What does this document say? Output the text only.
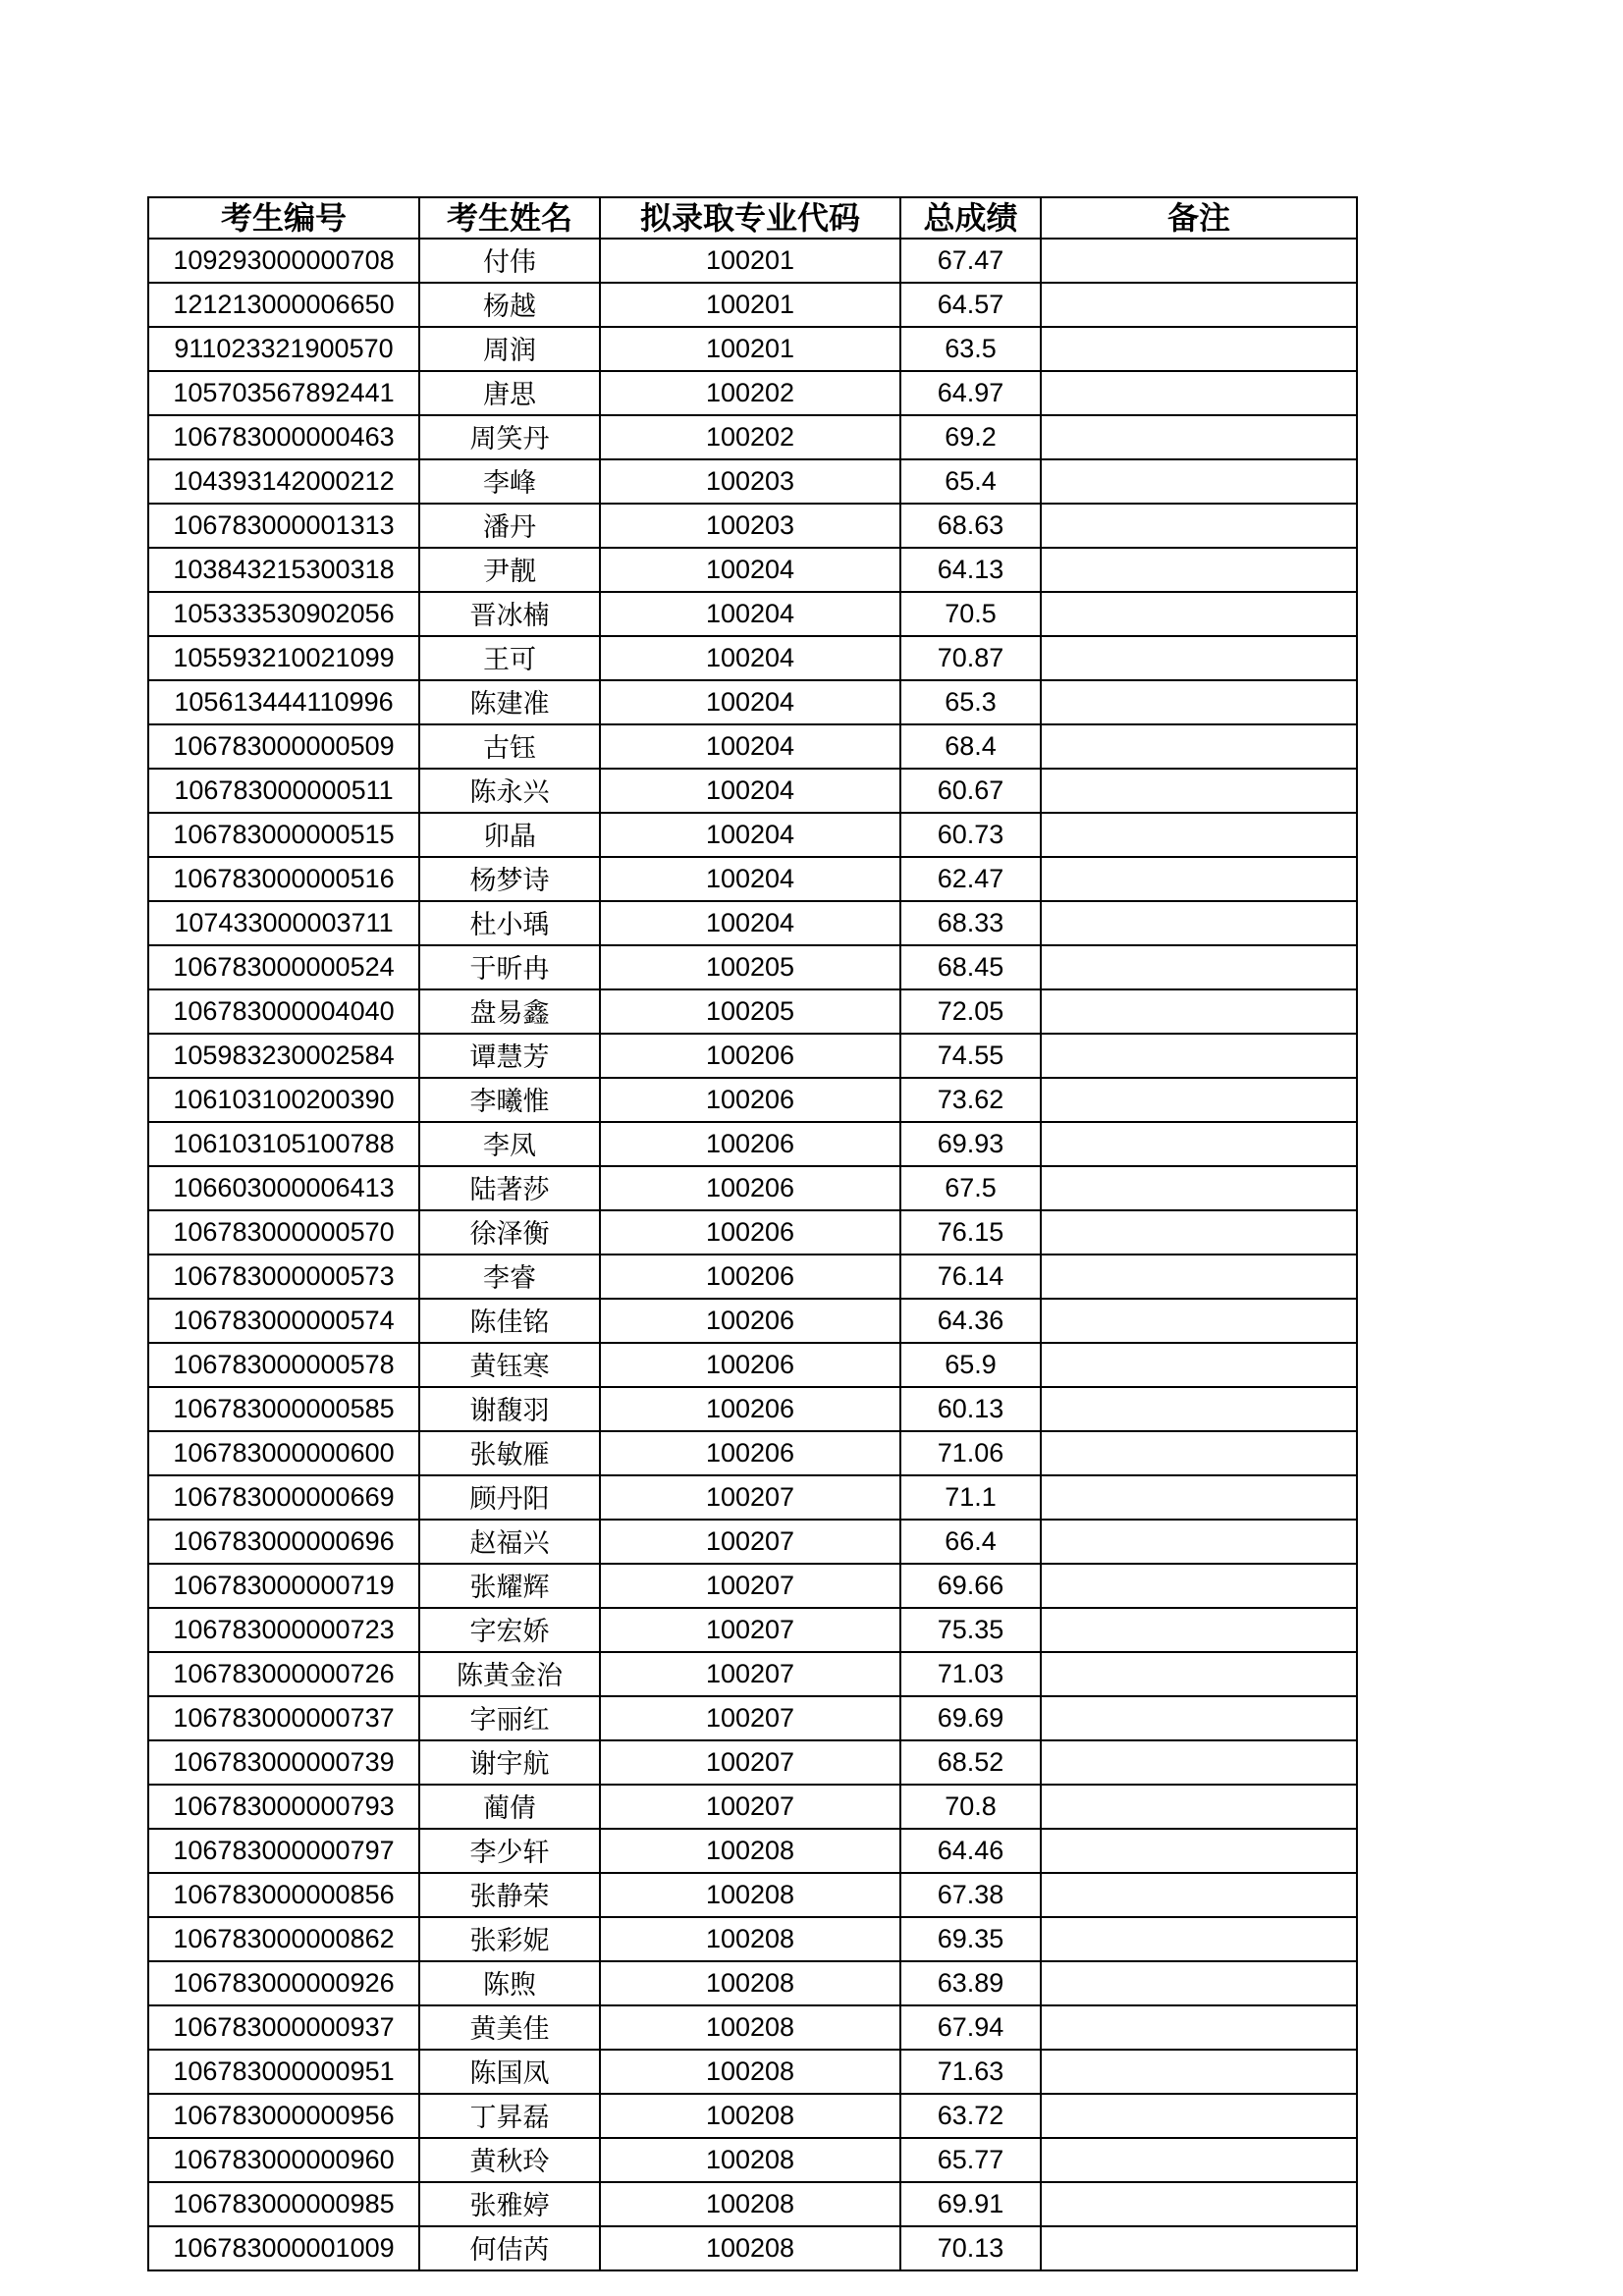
考生编号	考生姓名	拟录取专业代码	总成绩	备注
109293000000708	付伟	100201	67.47	
121213000006650	杨越	100201	64.57	
911023321900570	周润	100201	63.5	
105703567892441	唐思	100202	64.97	
106783000000463	周笑丹	100202	69.2	
104393142000212	李峰	100203	65.4	
106783000001313	潘丹	100203	68.63	
103843215300318	尹靓	100204	64.13	
105333530902056	晋冰楠	100204	70.5	
105593210021099	王可	100204	70.87	
105613444110996	陈建准	100204	65.3	
106783000000509	古钰	100204	68.4	
106783000000511	陈永兴	100204	60.67	
106783000000515	卯晶	100204	60.73	
106783000000516	杨梦诗	100204	62.47	
107433000003711	杜小瑀	100204	68.33	
106783000000524	于昕冉	100205	68.45	
106783000004040	盘易鑫	100205	72.05	
105983230002584	谭慧芳	100206	74.55	
106103100200390	李曦惟	100206	73.62	
106103105100788	李凤	100206	69.93	
106603000006413	陆著莎	100206	67.5	
106783000000570	徐泽衡	100206	76.15	
106783000000573	李睿	100206	76.14	
106783000000574	陈佳铭	100206	64.36	
106783000000578	黄钰寒	100206	65.9	
106783000000585	谢馥羽	100206	60.13	
106783000000600	张敏雁	100206	71.06	
106783000000669	顾丹阳	100207	71.1	
106783000000696	赵福兴	100207	66.4	
106783000000719	张耀辉	100207	69.66	
106783000000723	字宏娇	100207	75.35	
106783000000726	陈黄金治	100207	71.03	
106783000000737	字丽红	100207	69.69	
106783000000739	谢宇航	100207	68.52	
106783000000793	蔺倩	100207	70.8	
106783000000797	李少轩	100208	64.46	
106783000000856	张静荣	100208	67.38	
106783000000862	张彩妮	100208	69.35	
106783000000926	陈煦	100208	63.89	
106783000000937	黄美佳	100208	67.94	
106783000000951	陈国凤	100208	71.63	
106783000000956	丁昇磊	100208	63.72	
106783000000960	黄秋玲	100208	65.77	
106783000000985	张雅婷	100208	69.91	
106783000001009	何佶芮	100208	70.13	
